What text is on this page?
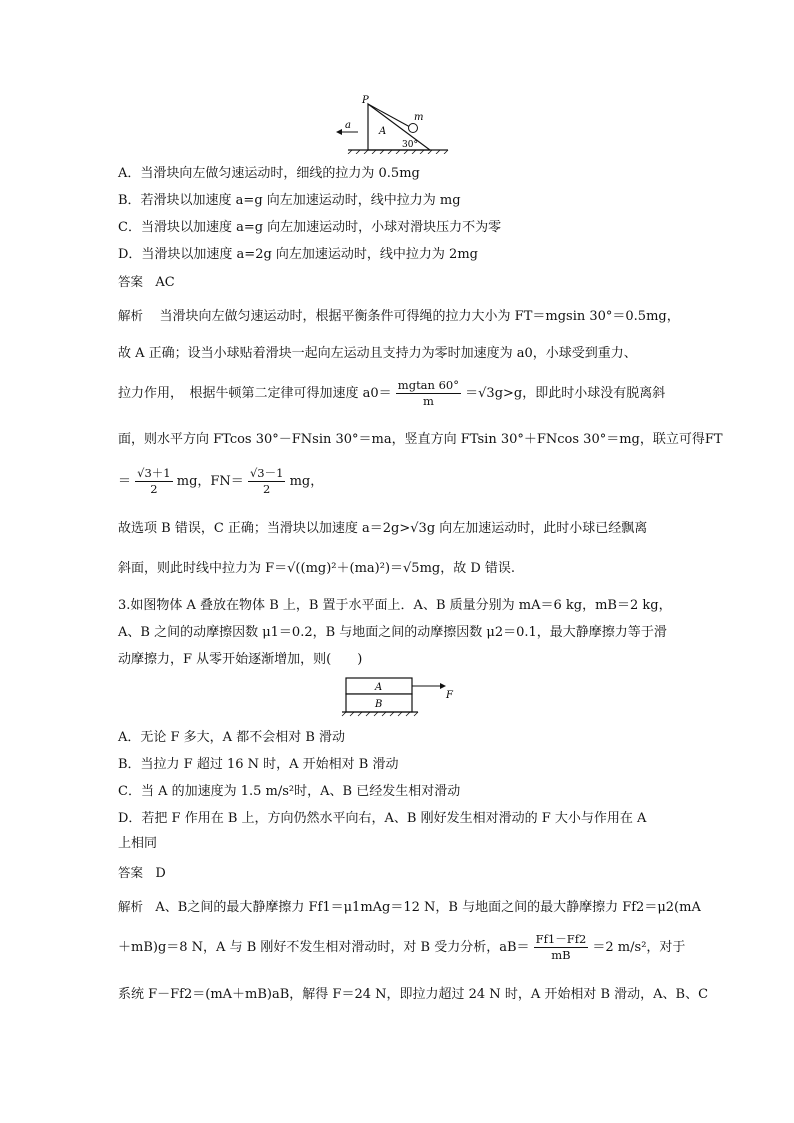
a
P
m
A
30°
A．当滑块向左做匀速运动时，细线的拉力为 0.5mg
B．若滑块以加速度 a=g 向左加速运动时，线中拉力为 mg
C．当滑块以加速度 a=g 向左加速运动时，小球对滑块压力不为零
D．当滑块以加速度 a=2g 向左加速运动时，线中拉力为 2mg
答案 AC
解析 当滑块向左做匀速运动时，根据平衡条件可得绳的拉力大小为 FT＝mgsin 30°＝0.5mg，
故 A 正确；设当小球贴着滑块一起向左运动且支持力为零时加速度为 a0，小球受到重力、
拉力作用，　根据牛顿第二定律可得加速度 $a0= \frac{mgtan 60^\circ}{m} =√3g>g$，即此时小球没有脱离斜
面，则水平方向 FTcos 30°－FNsin 30°＝ma，竖直方向 FTsin 30°＋FNcos 30°＝mg，联立可得FT
＝ $\frac{√3+1}{2}$ mg，$FN= \frac{√3-1}{2}$ mg，
故选项 B 错误，C 正确；当滑块以加速度 a＝2g>√3g 向左加速运动时，此时小球已经飘离
斜面，则此时线中拉力为 F＝√((mg)²＋(ma)²)＝√5mg，故 D 错误.
3.如图物体 A 叠放在物体 B 上，B 置于水平面上．A、B 质量分别为 mA＝6 kg，mB＝2 kg，
A、B 之间的动摩擦因数 μ1＝0.2，B 与地面之间的动摩擦因数 μ2＝0.1，最大静摩擦力等于滑
动摩擦力，F 从零开始逐渐增加，则(　　)
A
B
F
A．无论 F 多大，A 都不会相对 B 滑动
B．当拉力 F 超过 16 N 时，A 开始相对 B 滑动
C．当 A 的加速度为 1.5 m/s²时，A、B 已经发生相对滑动
D．若把 F 作用在 B 上，方向仍然水平向右，A、B 刚好发生相对滑动的 F 大小与作用在 A
上相同
答案 D
解析 A、B之间的最大静摩擦力 Ff1＝μ1mAg＝12 N，B 与地面之间的最大静摩擦力 Ff2＝μ2(mA
＋mB)g＝8 N，A 与 B 刚好不发生相对滑动时，对 B 受力分析，$aB= \frac{Ff1-Ff2}{mB} =2$ m/s²，对于
系统 F－Ff2＝(mA＋mB)aB，解得 F＝24 N，即拉力超过 24 N 时，A 开始相对 B 滑动，A、B、C
